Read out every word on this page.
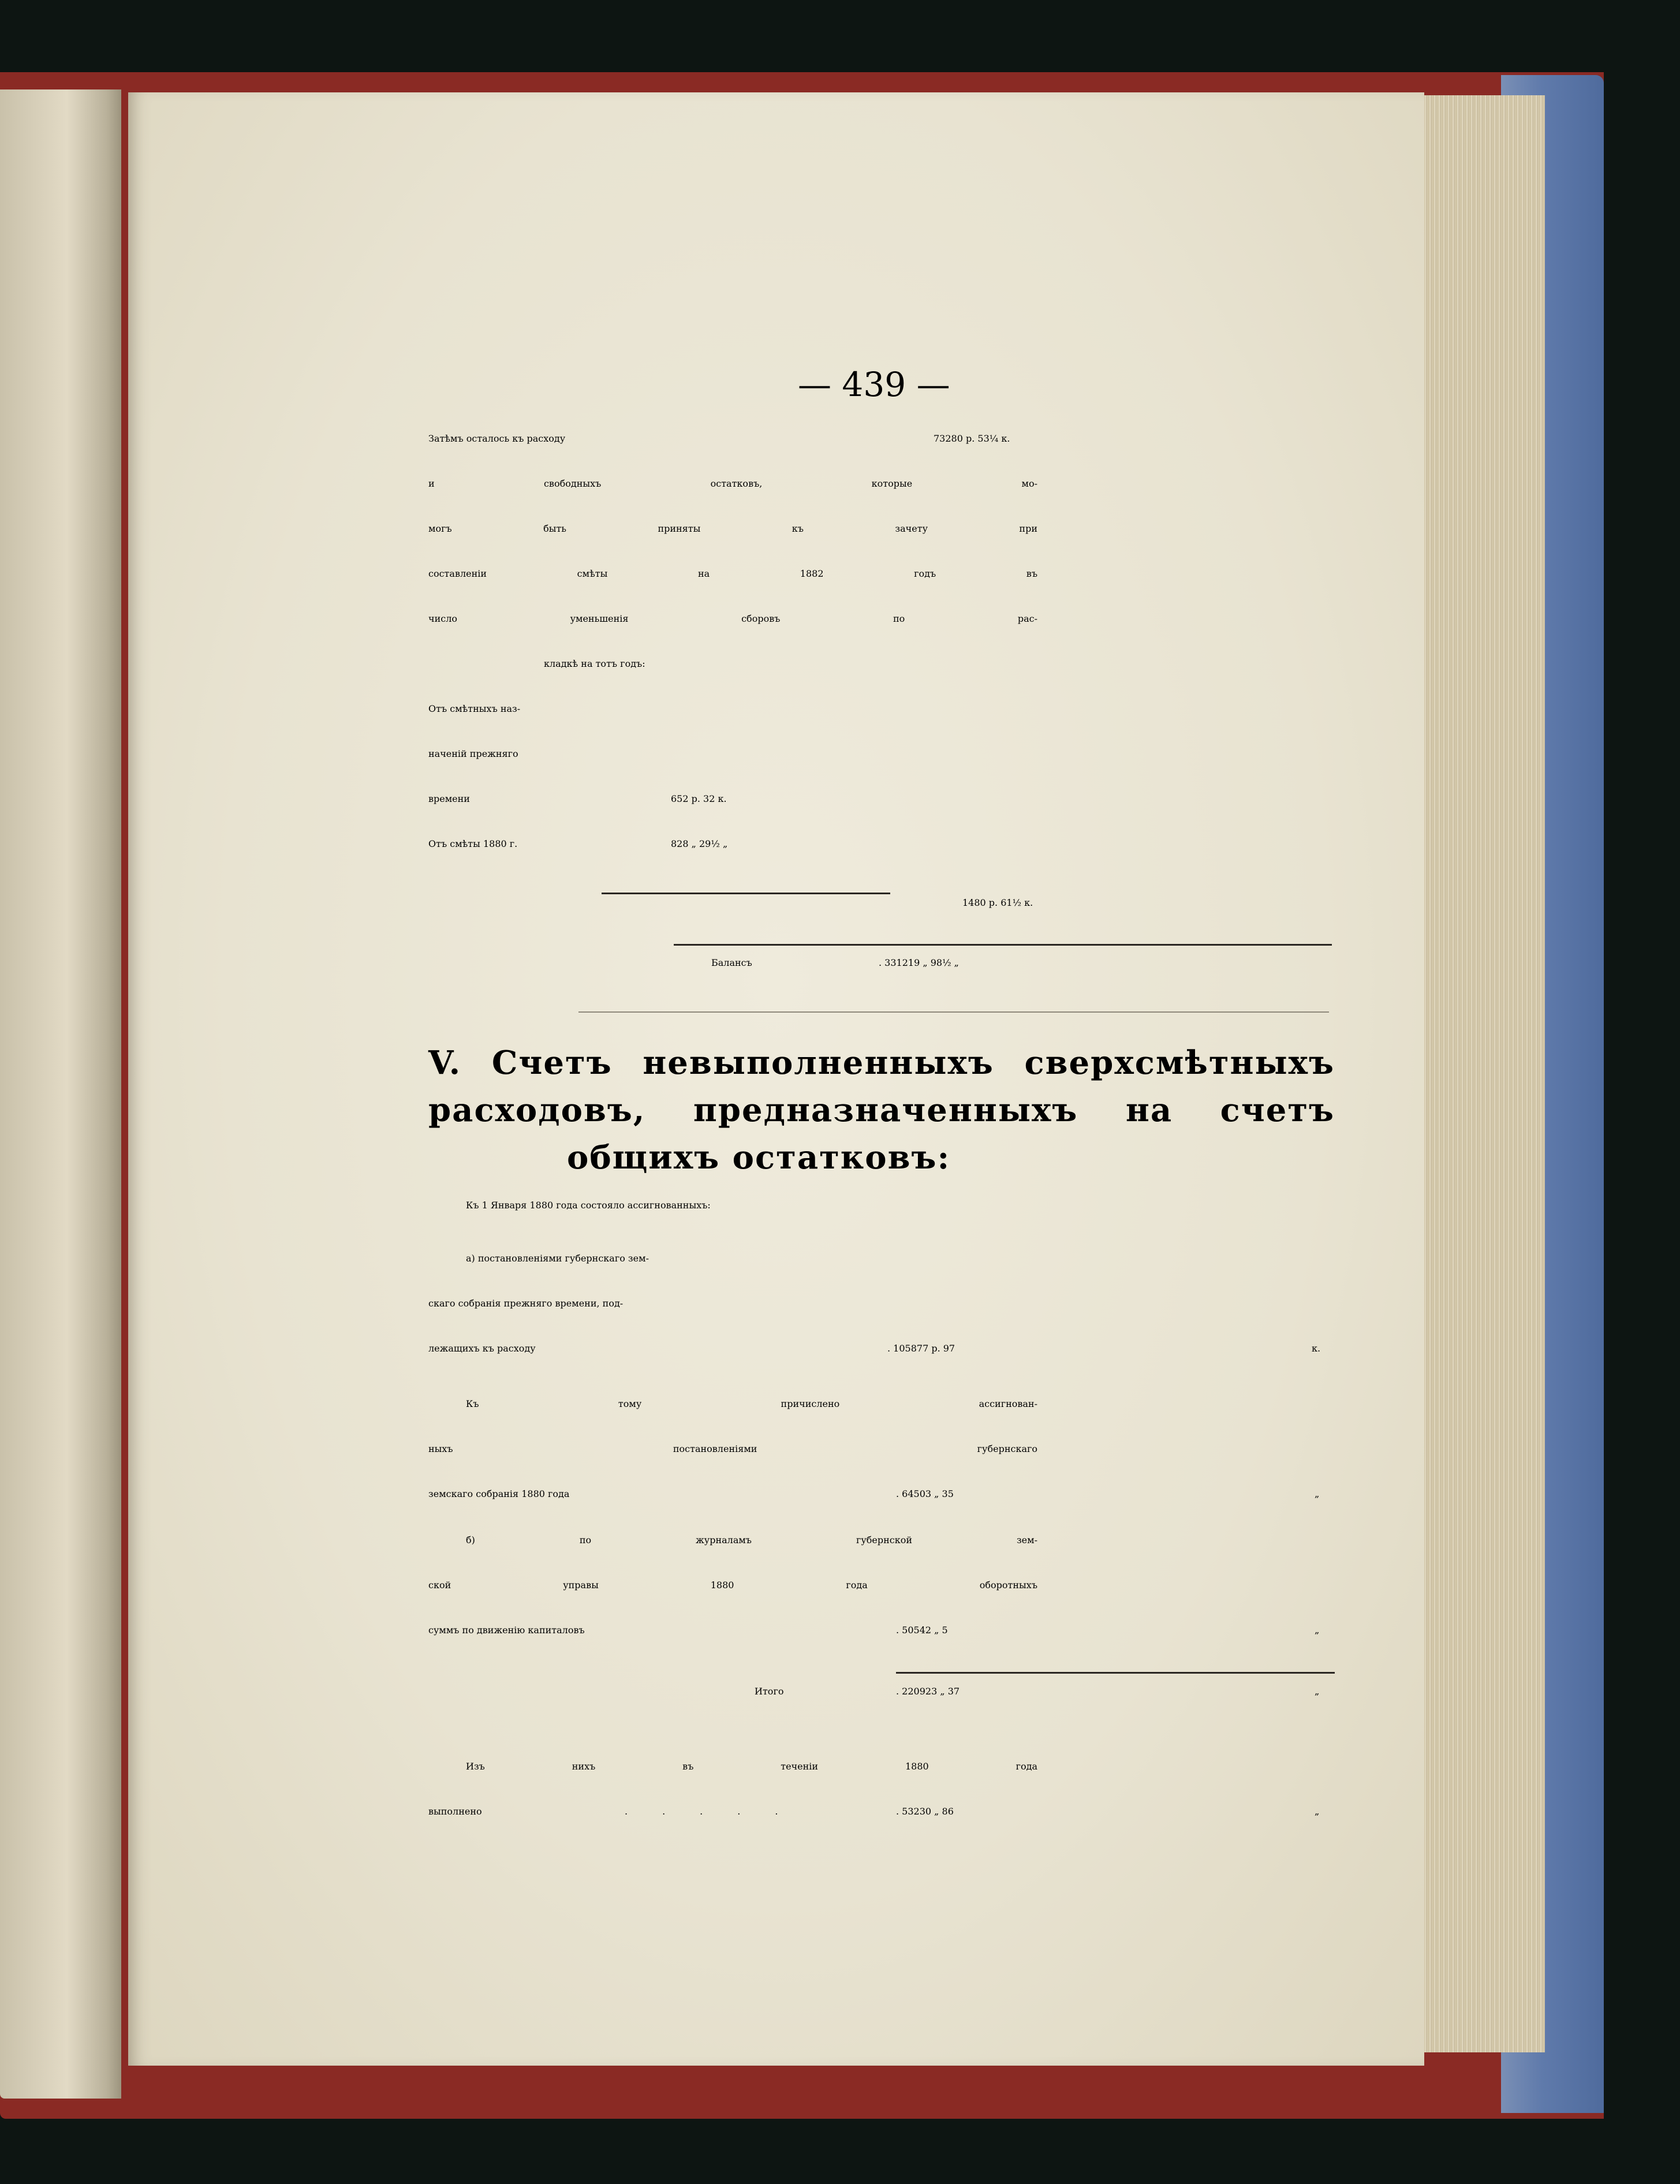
— 439 —
Затѣмъ осталось къ расходу	73280 р. 53¼ к.
и свободныхъ остатковъ, которые мо-
могъ быть приняты къ зачету при
составленіи смѣты на 1882 годъ въ
число уменьшенія сборовъ по рас-
кладкѣ на тотъ годъ:
Отъ смѣтныхъ наз-
наченій прежняго
времени	652 р. 32 к.
Отъ смѣты 1880 г.	828 „ 29½ „
1480 р. 61½ к.
Балансъ	. 331219 „ 98½ „
V. Счетъ невыполненныхъ сверхсмѣтныхъ
расходовъ, предназначенныхъ на счетъ
общихъ остатковъ:
Къ 1 Января 1880 года состояло ассигнованныхъ:
а) постановленіями губернскаго зем-
скаго собранія прежняго времени, под-
лежащихъ къ расходу	. 105877 р. 97	к.
Къ тому причислено ассигнован-
ныхъ постановленіями губернскаго
земскаго собранія 1880 года	. 64503 „ 35	„
б) по журналамъ губернской зем-
ской управы 1880 года оборотныхъ
суммъ по движенію капиталовъ	. 50542 „ 5	„
Итого	. 220923 „ 37	„
Изъ нихъ въ теченіи 1880 года
выполнено	.....	. 53230 „ 86	„
